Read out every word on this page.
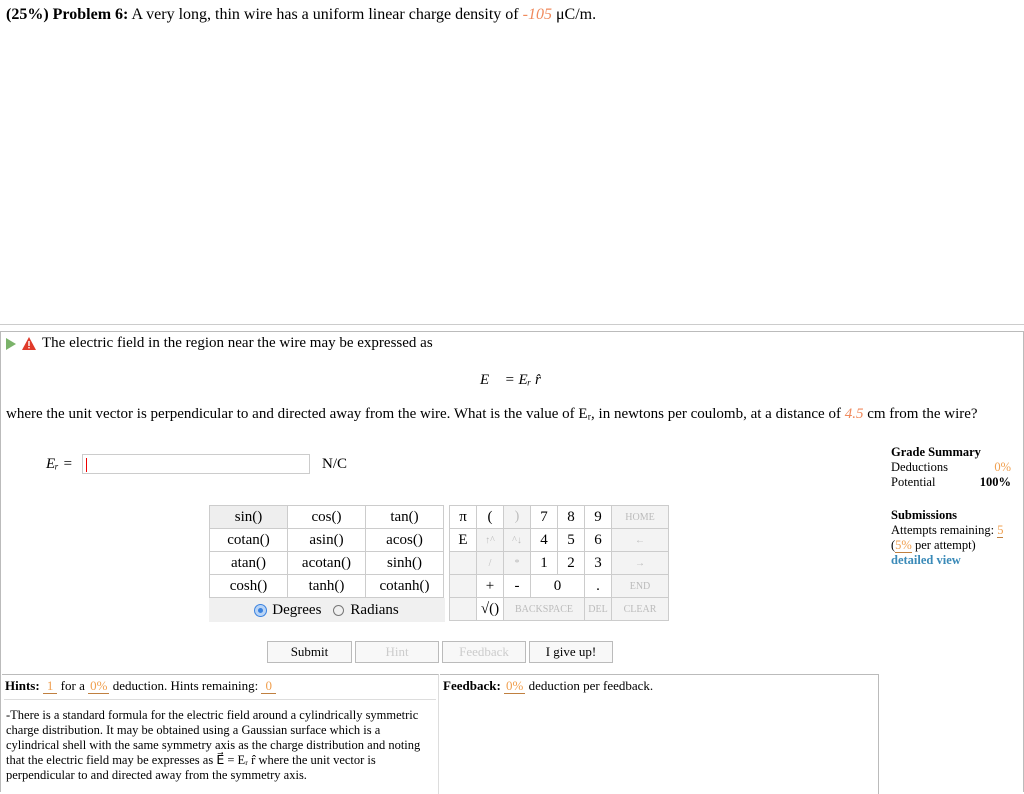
(25%) Problem 6: A very long, thin wire has a uniform linear charge density of -105 μC/m.
The electric field in the region near the wire may be expressed as
E⃗ = Eᵣ r̂
where the unit vector is perpendicular to and directed away from the wire. What is the value of Eᵣ, in newtons per coulomb, at a distance of 4.5 cm from the wire?
Eᵣ =	N/C
sin()	cos()	tan()
cotan()	asin()	acos()
atan()	acotan()	sinh()
cosh()	tanh()	cotanh()
Degrees Radians
π	(	)	7	8	9	HOME
E	↑^	^↓	4	5	6	←
	/	*	1	2	3	→
	+	-	0		.	END
	√()	BACKSPACE			DEL	CLEAR
Submit	Hint	Feedback	I give up!
Hints: 1 for a 0% deduction. Hints remaining: 0
-There is a standard formula for the electric field around a cylindrically symmetric charge distribution. It may be obtained using a Gaussian surface which is a cylindrical shell with the same symmetry axis as the charge distribution and noting that the electric field may be expresses as E⃗ = Eᵣ r̂ where the unit vector is perpendicular to and directed away from the symmetry axis.
Feedback: 0% deduction per feedback.
Grade Summary
Deductions	0%
Potential	100%
Submissions
Attempts remaining: 5
(5% per attempt)
detailed view
